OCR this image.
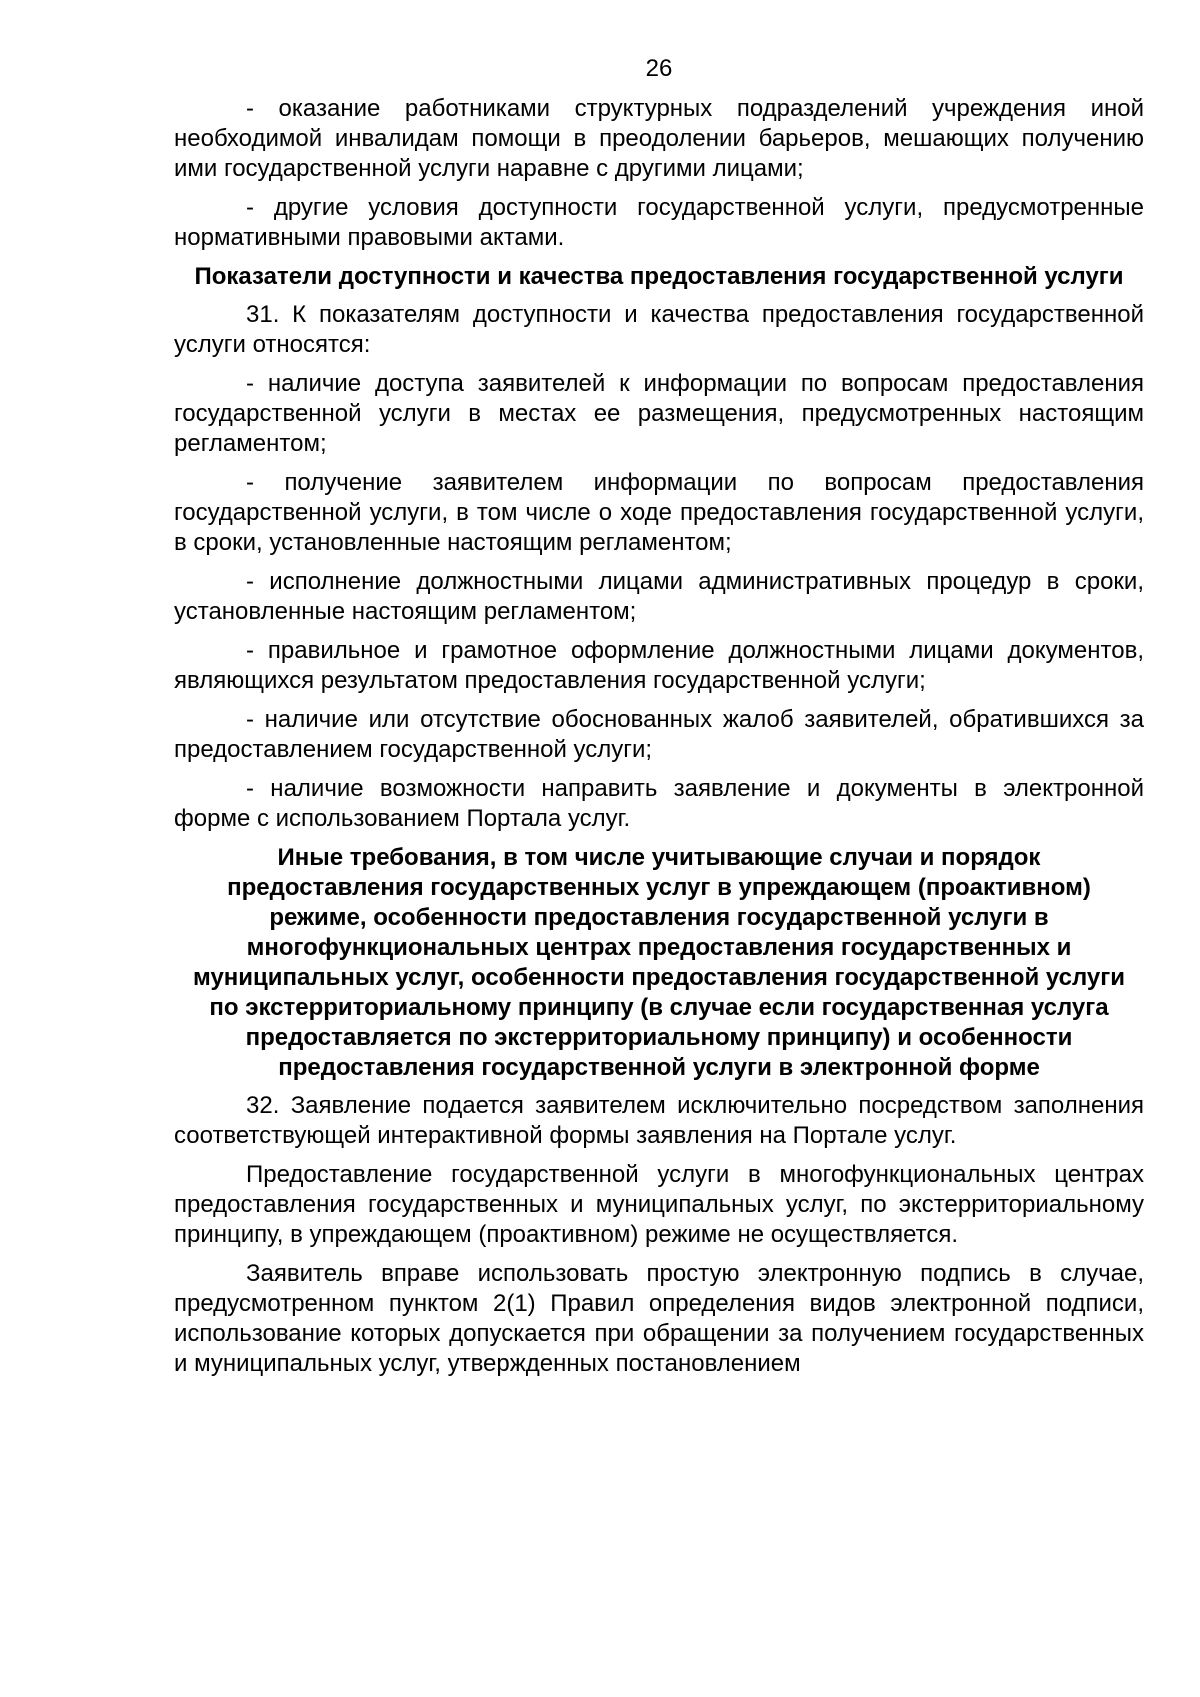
26

- оказание работниками структурных подразделений учреждения иной необходимой инвалидам помощи в преодолении барьеров, мешающих получению ими государственной услуги наравне с другими лицами;

- другие условия доступности государственной услуги, предусмотренные нормативными правовыми актами.

Показатели доступности и качества предоставления государственной услуги

31. К показателям доступности и качества предоставления государственной услуги относятся:

- наличие доступа заявителей к информации по вопросам предоставления государственной услуги в местах ее размещения, предусмотренных настоящим регламентом;

- получение заявителем информации по вопросам предоставления государственной услуги, в том числе о ходе предоставления государственной услуги, в сроки, установленные настоящим регламентом;

- исполнение должностными лицами административных процедур в сроки, установленные настоящим регламентом;

- правильное и грамотное оформление должностными лицами документов, являющихся результатом предоставления государственной услуги;

- наличие или отсутствие обоснованных жалоб заявителей, обратившихся за предоставлением государственной услуги;

- наличие возможности направить заявление и документы в электронной форме с использованием Портала услуг.

Иные требования, в том числе учитывающие случаи и порядок предоставления государственных услуг в упреждающем (проактивном) режиме, особенности предоставления государственной услуги в многофункциональных центрах предоставления государственных и муниципальных услуг, особенности предоставления государственной услуги по экстерриториальному принципу (в случае если государственная услуга предоставляется по экстерриториальному принципу) и особенности предоставления государственной услуги в электронной форме

32. Заявление подается заявителем исключительно посредством заполнения соответствующей интерактивной формы заявления на Портале услуг.

Предоставление государственной услуги в многофункциональных центрах предоставления государственных и муниципальных услуг, по экстерриториальному принципу, в упреждающем (проактивном) режиме не осуществляется.

Заявитель вправе использовать простую электронную подпись в случае, предусмотренном пунктом 2(1) Правил определения видов электронной подписи, использование которых допускается при обращении за получением государственных и муниципальных услуг, утвержденных постановлением
